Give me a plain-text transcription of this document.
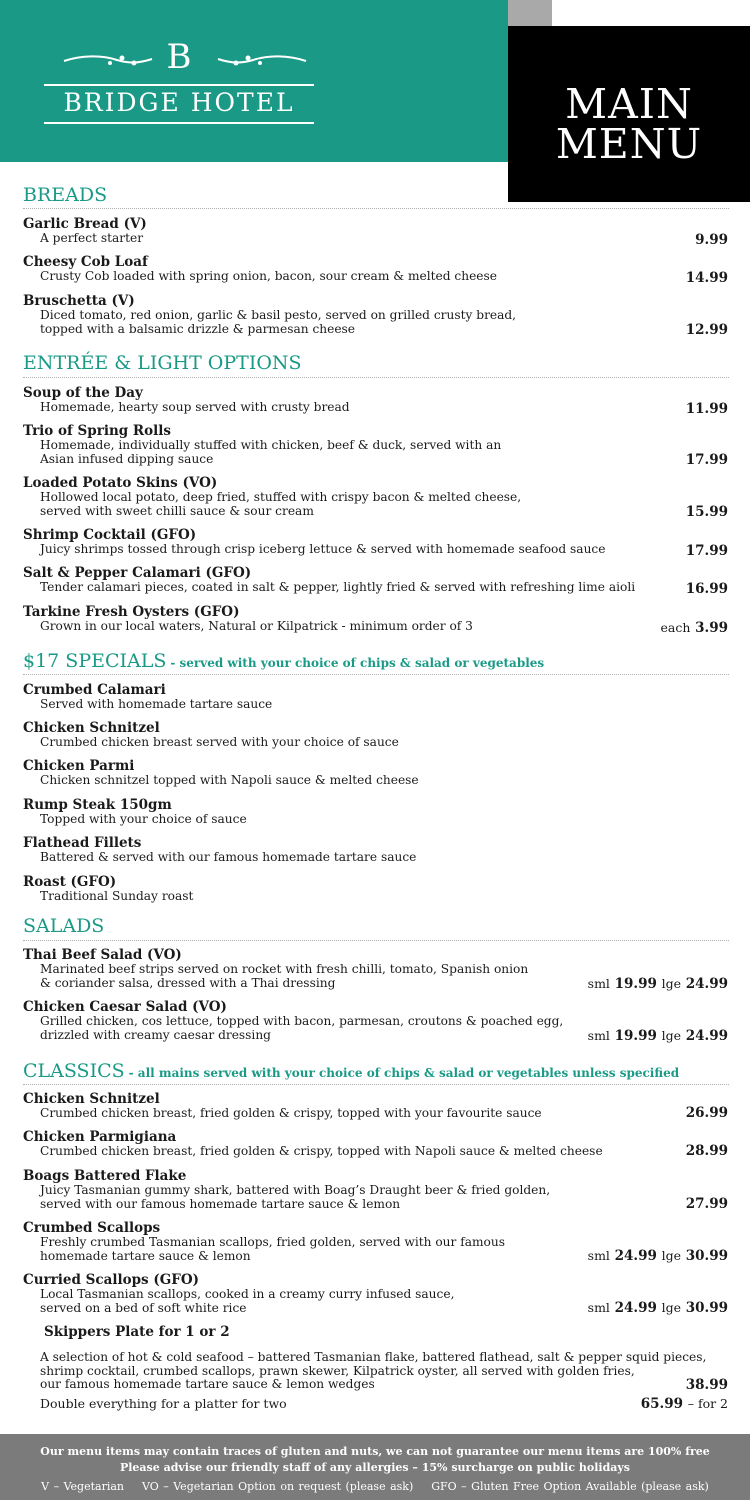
B
BRIDGE HOTEL	MAIN
MENU
BREADS
Garlic Bread (V)
A perfect starter	9.99
Cheesy Cob Loaf
Crusty Cob loaded with spring onion, bacon, sour cream & melted cheese	14.99
Bruschetta (V)
Diced tomato, red onion, garlic & basil pesto, served on grilled crusty bread,
topped with a balsamic drizzle & parmesan cheese	12.99
ENTRÉE & LIGHT OPTIONS
Soup of the Day
Homemade, hearty soup served with crusty bread	11.99
Trio of Spring Rolls
Homemade, individually stuffed with chicken, beef & duck, served with an
Asian infused dipping sauce	17.99
Loaded Potato Skins (VO)
Hollowed local potato, deep fried, stuffed with crispy bacon & melted cheese,
served with sweet chilli sauce & sour cream	15.99
Shrimp Cocktail (GFO)
Juicy shrimps tossed through crisp iceberg lettuce & served with homemade seafood sauce	17.99
Salt & Pepper Calamari (GFO)
Tender calamari pieces, coated in salt & pepper, lightly fried & served with refreshing lime aioli	16.99
Tarkine Fresh Oysters (GFO)
Grown in our local waters, Natural or Kilpatrick - minimum order of 3	each 3.99
$17 SPECIALS - served with your choice of chips & salad or vegetables
Crumbed Calamari
Served with homemade tartare sauce
Chicken Schnitzel
Crumbed chicken breast served with your choice of sauce
Chicken Parmi
Chicken schnitzel topped with Napoli sauce & melted cheese
Rump Steak 150gm
Topped with your choice of sauce
Flathead Fillets
Battered & served with our famous homemade tartare sauce
Roast (GFO)
Traditional Sunday roast
SALADS
Thai Beef Salad (VO)
Marinated beef strips served on rocket with fresh chilli, tomato, Spanish onion
& coriander salsa, dressed with a Thai dressing	sml 19.99 lge 24.99
Chicken Caesar Salad (VO)
Grilled chicken, cos lettuce, topped with bacon, parmesan, croutons & poached egg,
drizzled with creamy caesar dressing	sml 19.99 lge 24.99
CLASSICS - all mains served with your choice of chips & salad or vegetables unless specified
Chicken Schnitzel
Crumbed chicken breast, fried golden & crispy, topped with your favourite sauce	26.99
Chicken Parmigiana
Crumbed chicken breast, fried golden & crispy, topped with Napoli sauce & melted cheese	28.99
Boags Battered Flake
Juicy Tasmanian gummy shark, battered with Boag’s Draught beer & fried golden,
served with our famous homemade tartare sauce & lemon	27.99
Crumbed Scallops
Freshly crumbed Tasmanian scallops, fried golden, served with our famous
homemade tartare sauce & lemon	sml 24.99 lge 30.99
Curried Scallops (GFO)
Local Tasmanian scallops, cooked in a creamy curry infused sauce,
served on a bed of soft white rice	sml 24.99 lge 30.99
Skippers Plate for 1 or 2
A selection of hot & cold seafood – battered Tasmanian flake, battered flathead, salt & pepper squid pieces,
shrimp cocktail, crumbed scallops, prawn skewer, Kilpatrick oyster, all served with golden fries,
our famous homemade tartare sauce & lemon wedges	38.99
Double everything for a platter for two	65.99 – for 2
Our menu items may contain traces of gluten and nuts, we can not guarantee our menu items are 100% free
Please advise our friendly staff of any allergies – 15% surcharge on public holidays
V – Vegetarian    VO – Vegetarian Option on request (please ask)    GFO – Gluten Free Option Available (please ask)
